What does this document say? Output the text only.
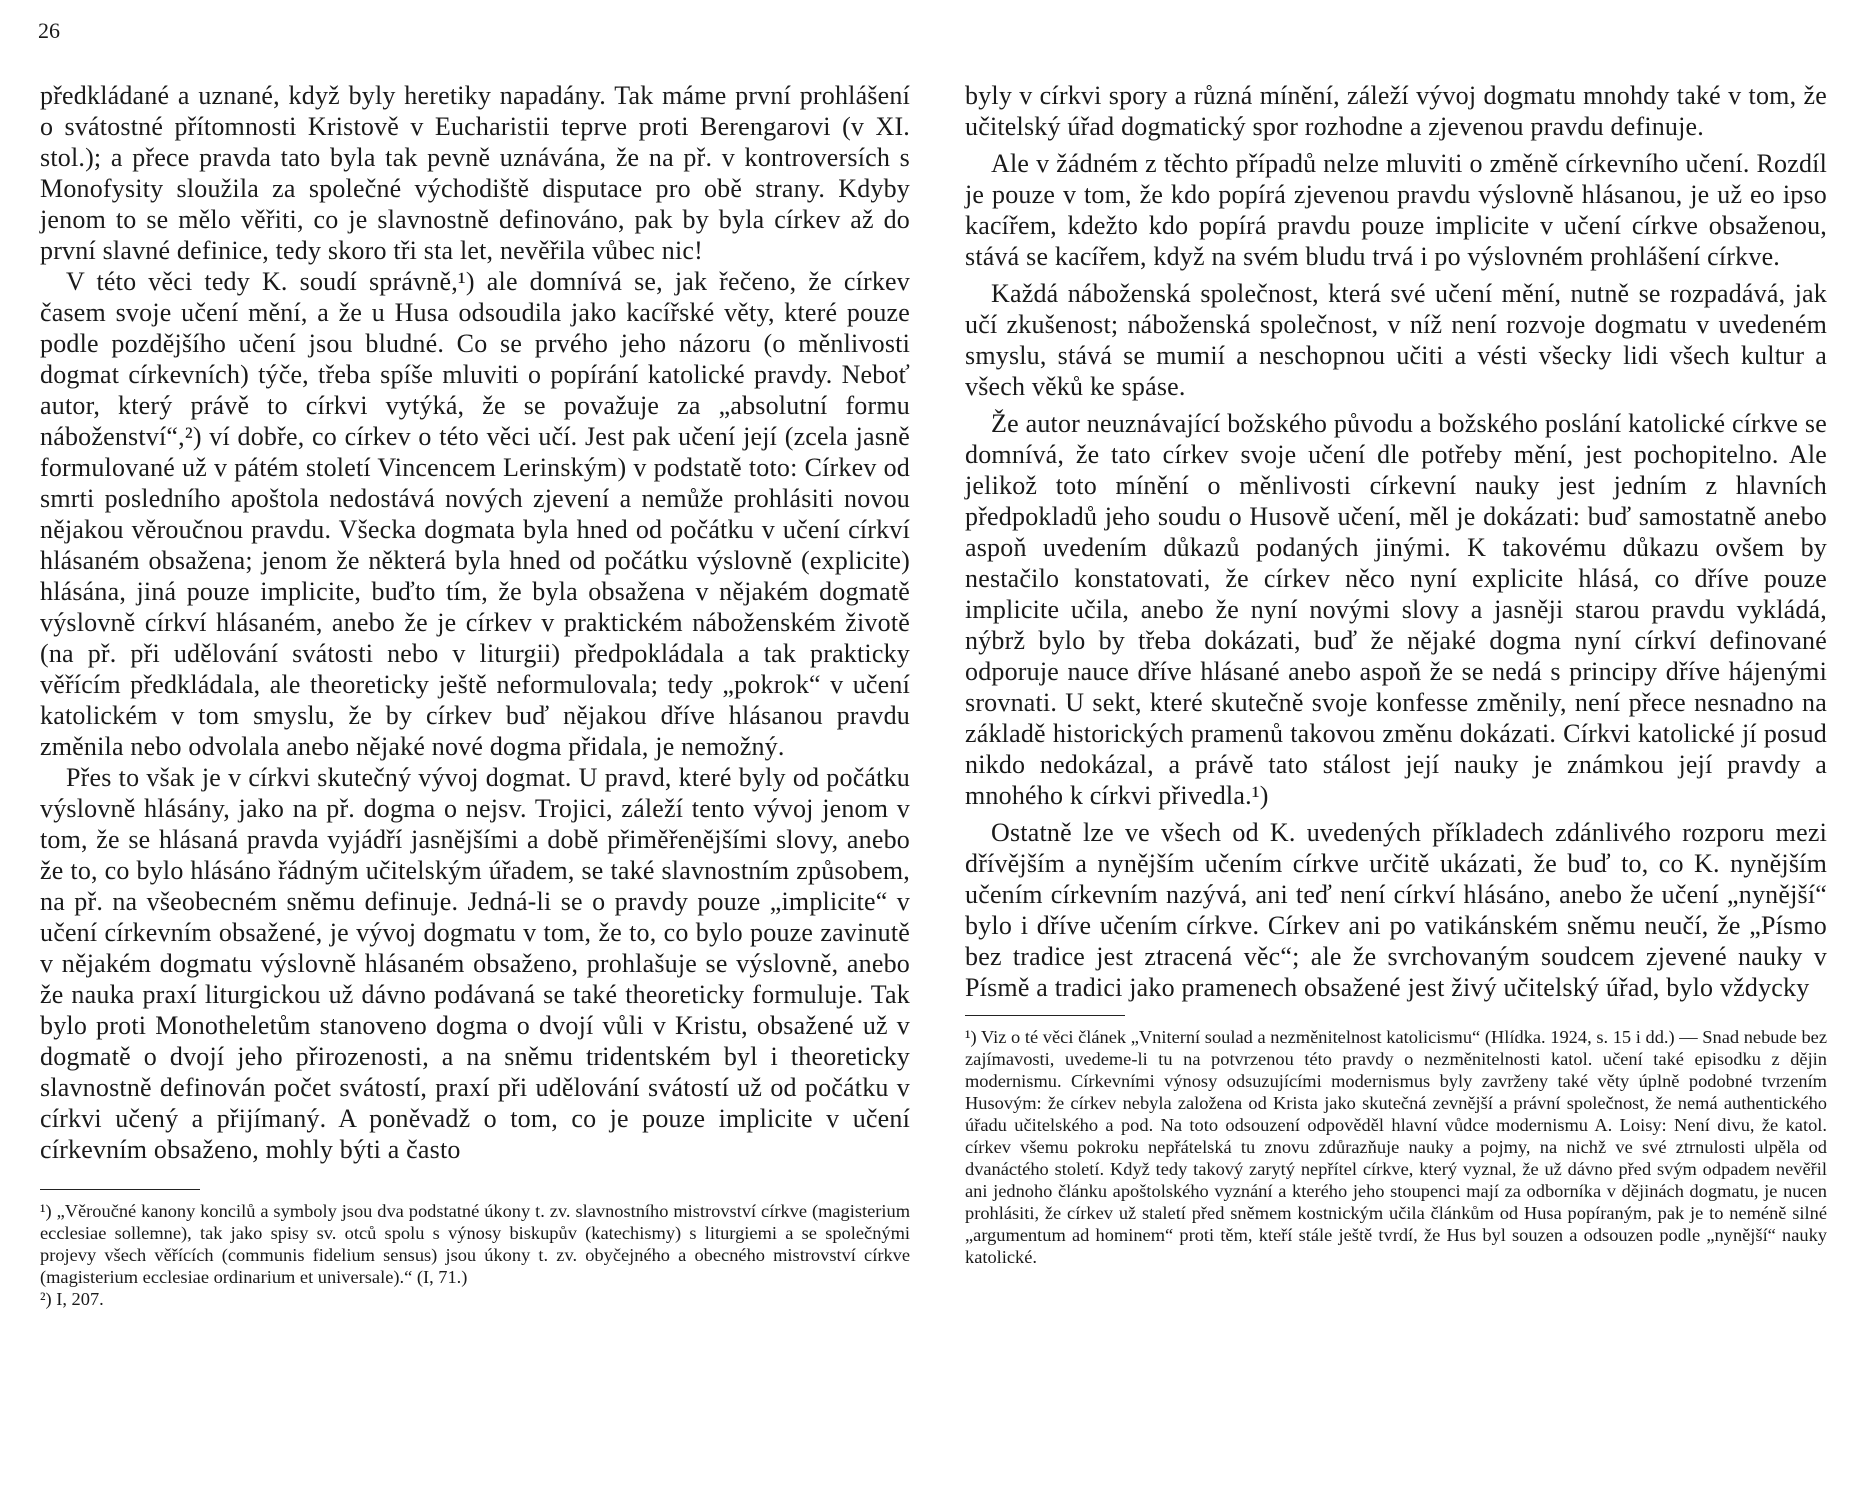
26

předkládané a uznané, když byly heretiky napadány. Tak máme první prohlášení o svátostné přítomnosti Kristově v Eucharistii teprve proti Berengarovi (v XI. stol.); a přece pravda tato byla tak pevně uznávána, že na př. v kontroversích s Monofysity sloužila za společné východiště disputace pro obě strany. Kdyby jenom to se mělo věřiti, co je slavnostně definováno, pak by byla církev až do první slavné definice, tedy skoro tři sta let, nevěřila vůbec nic!

V této věci tedy K. soudí správně,¹) ale domnívá se, jak řečeno, že církev časem svoje učení mění, a že u Husa odsoudila jako kacířské věty, které pouze podle pozdějšího učení jsou bludné. Co se prvého jeho názoru (o měnlivosti dogmat církevních) týče, třeba spíše mluviti o popírání katolické pravdy. Neboť autor, který právě to církvi vytýká, že se považuje za „absolutní formu náboženství“,²) ví dobře, co církev o této věci učí. Jest pak učení její (zcela jasně formulované už v pátém století Vincencem Lerinským) v podstatě toto: Církev od smrti posledního apoštola nedostává nových zjevení a nemůže prohlásiti novou nějakou věroučnou pravdu. Všecka dogmata byla hned od počátku v učení církví hlásaném obsažena; jenom že některá byla hned od počátku výslovně (explicite) hlásána, jiná pouze implicite, buďto tím, že byla obsažena v nějakém dogmatě výslovně církví hlásaném, anebo že je církev v praktickém náboženském životě (na př. při udělování svátosti nebo v liturgii) předpokládala a tak prakticky věřícím předkládala, ale theoreticky ještě neformulovala; tedy „pokrok“ v učení katolickém v tom smyslu, že by církev buď nějakou dříve hlásanou pravdu změnila nebo odvolala anebo nějaké nové dogma přidala, je nemožný.

Přes to však je v církvi skutečný vývoj dogmat. U pravd, které byly od počátku výslovně hlásány, jako na př. dogma o nejsv. Trojici, záleží tento vývoj jenom v tom, že se hlásaná pravda vyjádří jasnějšími a době přiměřenějšími slovy, anebo že to, co bylo hlásáno řádným učitelským úřadem, se také slavnostním způsobem, na př. na všeobecném sněmu definuje. Jedná-li se o pravdy pouze „implicite“ v učení církevním obsažené, je vývoj dogmatu v tom, že to, co bylo pouze zavinutě v nějakém dogmatu výslovně hlásaném obsaženo, prohlašuje se výslovně, anebo že nauka praxí liturgickou už dávno podávaná se také theoreticky formuluje. Tak bylo proti Monotheletům stanoveno dogma o dvojí vůli v Kristu, obsažené už v dogmatě o dvojí jeho přirozenosti, a na sněmu tridentském byl i theoreticky slavnostně definován počet svátostí, praxí při udělování svátostí už od počátku v církvi učený a přijímaný. A poněvadž o tom, co je pouze implicite v učení církevním obsaženo, mohly býti a často

¹) „Věroučné kanony koncilů a symboly jsou dva podstatné úkony t. zv. slavnostního mistrovství církve (magisterium ecclesiae sollemne), tak jako spisy sv. otců spolu s výnosy biskupův (katechismy) s liturgiemi a se společnými projevy všech věřících (communis fidelium sensus) jsou úkony t. zv. obyčejného a obecného mistrovství církve (magisterium ecclesiae ordinarium et universale).“ (I, 71.)

²) I, 207.

byly v církvi spory a různá mínění, záleží vývoj dogmatu mnohdy také v tom, že učitelský úřad dogmatický spor rozhodne a zjevenou pravdu definuje.

Ale v žádném z těchto případů nelze mluviti o změně církevního učení. Rozdíl je pouze v tom, že kdo popírá zjevenou pravdu výslovně hlásanou, je už eo ipso kacířem, kdežto kdo popírá pravdu pouze implicite v učení církve obsaženou, stává se kacířem, když na svém bludu trvá i po výslovném prohlášení církve.

Každá náboženská společnost, která své učení mění, nutně se rozpadává, jak učí zkušenost; náboženská společnost, v níž není rozvoje dogmatu v uvedeném smyslu, stává se mumií a neschopnou učiti a vésti všecky lidi všech kultur a všech věků ke spáse.

Že autor neuznávající božského původu a božského poslání katolické církve se domnívá, že tato církev svoje učení dle potřeby mění, jest pochopitelno. Ale jelikož toto mínění o měnlivosti církevní nauky jest jedním z hlavních předpokladů jeho soudu o Husově učení, měl je dokázati: buď samostatně anebo aspoň uvedením důkazů podaných jinými. K takovému důkazu ovšem by nestačilo konstatovati, že církev něco nyní explicite hlásá, co dříve pouze implicite učila, anebo že nyní novými slovy a jasněji starou pravdu vykládá, nýbrž bylo by třeba dokázati, buď že nějaké dogma nyní církví definované odporuje nauce dříve hlásané anebo aspoň že se nedá s principy dříve hájenými srovnati. U sekt, které skutečně svoje konfesse změnily, není přece nesnadno na základě historických pramenů takovou změnu dokázati. Církvi katolické jí posud nikdo nedokázal, a právě tato stálost její nauky je známkou její pravdy a mnohého k církvi přivedla.¹)

Ostatně lze ve všech od K. uvedených příkladech zdánlivého rozporu mezi dřívějším a nynějším učením církve určitě ukázati, že buď to, co K. nynějším učením církevním nazývá, ani teď není církví hlásáno, anebo že učení „nynější“ bylo i dříve učením církve. Církev ani po vatikánském sněmu neučí, že „Písmo bez tradice jest ztracená věc“; ale že svrchovaným soudcem zjevené nauky v Písmě a tradici jako pramenech obsažené jest živý učitelský úřad, bylo vždycky

¹) Viz o té věci článek „Vniterní soulad a nezměnitelnost katolicismu“ (Hlídka. 1924, s. 15 i dd.) — Snad nebude bez zajímavosti, uvedeme-li tu na potvrzenou této pravdy o nezměnitelnosti katol. učení také episodku z dějin modernismu. Církevními výnosy odsuzujícími modernismus byly zavrženy také věty úplně podobné tvrzením Husovým: že církev nebyla založena od Krista jako skutečná zevnější a právní společnost, že nemá authentického úřadu učitelského a pod. Na toto odsouzení odpověděl hlavní vůdce modernismu A. Loisy: Není divu, že katol. církev všemu pokroku nepřátelská tu znovu zdůrazňuje nauky a pojmy, na nichž ve své ztrnulosti ulpěla od dvanáctého století. Když tedy takový zarytý nepřítel církve, který vyznal, že už dávno před svým odpadem nevěřil ani jednoho článku apoštolského vyznání a kterého jeho stoupenci mají za odborníka v dějinách dogmatu, je nucen prohlásiti, že církev už staletí před sněmem kostnickým učila článkům od Husa popíraným, pak je to neméně silné „argumentum ad hominem“ proti těm, kteří stále ještě tvrdí, že Hus byl souzen a odsouzen podle „nynější“ nauky katolické.
